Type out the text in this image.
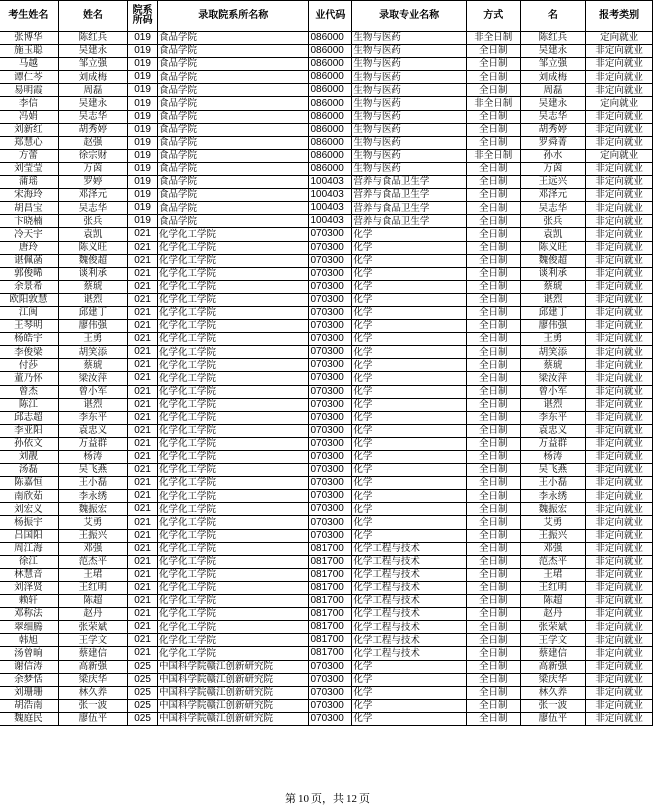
考生姓名	姓名	院系所码	录取院系所名称	业代码	录取专业名称	方式	名	报考类别
张博华	陈红兵	019	食品学院	086000	生物与医药	非全日制	陈红兵	定向就业
施玉聪	吴建永	019	食品学院	086000	生物与医药	全日制	吴建永	非定向就业
马越	邹立强	019	食品学院	086000	生物与医药	全日制	邹立强	非定向就业
谭仁芩	刘成梅	019	食品学院	086000	生物与医药	全日制	刘成梅	非定向就业
易明霞	周磊	019	食品学院	086000	生物与医药	全日制	周磊	非定向就业
李信	吴建永	019	食品学院	086000	生物与医药	非全日制	吴建永	定向就业
冯娟	吴志华	019	食品学院	086000	生物与医药	全日制	吴志华	非定向就业
刘新红	胡秀婷	019	食品学院	086000	生物与医药	全日制	胡秀婷	非定向就业
郑慧心	赵强	019	食品学院	086000	生物与医药	全日制	罗舜菁	非定向就业
方蕾	徐宗财	019	食品学院	086000	生物与医药	非全日制	孙水	定向就业
刘莹莹	万茵	019	食品学院	086000	生物与医药	全日制	万茵	非定向就业
蒲瑶	罗婷	019	食品学院	100403	营养与食品卫生学	全日制	王远兴	非定向就业
宋海玲	邓泽元	019	食品学院	100403	营养与食品卫生学	全日制	邓泽元	非定向就业
胡昌宝	吴志华	019	食品学院	100403	营养与食品卫生学	全日制	吴志华	非定向就业
卞晓楠	张兵	019	食品学院	100403	营养与食品卫生学	全日制	张兵	非定向就业
冷天宇	袁凯	021	化学化工学院	070300	化学	全日制	袁凯	非定向就业
唐玲	陈义旺	021	化学化工学院	070300	化学	全日制	陈义旺	非定向就业
谌佩菡	魏俊超	021	化学化工学院	070300	化学	全日制	魏俊超	非定向就业
郭俊晞	谈利承	021	化学化工学院	070300	化学	全日制	谈利承	非定向就业
余景希	蔡琥	021	化学化工学院	070300	化学	全日制	蔡琥	非定向就业
欧阳敦慧	谌烈	021	化学化工学院	070300	化学	全日制	谌烈	非定向就业
江闽	邱建丁	021	化学化工学院	070300	化学	全日制	邱建丁	非定向就业
王琴明	廖伟强	021	化学化工学院	070300	化学	全日制	廖伟强	非定向就业
杨皓宇	王勇	021	化学化工学院	070300	化学	全日制	王勇	非定向就业
李俊梁	胡笑添	021	化学化工学院	070300	化学	全日制	胡笑添	非定向就业
付莎	蔡琥	021	化学化工学院	070300	化学	全日制	蔡琥	非定向就业
董乃怀	梁汝萍	021	化学化工学院	070300	化学	全日制	梁汝萍	非定向就业
曾杰	曾小军	021	化学化工学院	070300	化学	全日制	曾小军	非定向就业
陈江	谌烈	021	化学化工学院	070300	化学	全日制	谌烈	非定向就业
邱志超	李东平	021	化学化工学院	070300	化学	全日制	李东平	非定向就业
李亚阳	袁忠义	021	化学化工学院	070300	化学	全日制	袁忠义	非定向就业
孙依文	万益群	021	化学化工学院	070300	化学	全日制	万益群	非定向就业
刘靓	杨涛	021	化学化工学院	070300	化学	全日制	杨涛	非定向就业
汤磊	吴飞燕	021	化学化工学院	070300	化学	全日制	吴飞燕	非定向就业
陈嘉恒	王小磊	021	化学化工学院	070300	化学	全日制	王小磊	非定向就业
南欣茹	李永绣	021	化学化工学院	070300	化学	全日制	李永绣	非定向就业
刘宏义	魏振宏	021	化学化工学院	070300	化学	全日制	魏振宏	非定向就业
杨振宇	艾勇	021	化学化工学院	070300	化学	全日制	艾勇	非定向就业
吕国阳	王振兴	021	化学化工学院	070300	化学	全日制	王振兴	非定向就业
周江海	邓强	021	化学化工学院	081700	化学工程与技术	全日制	邓强	非定向就业
徐江	范杰平	021	化学化工学院	081700	化学工程与技术	全日制	范杰平	非定向就业
林慧音	王珺	021	化学化工学院	081700	化学工程与技术	全日制	王珺	非定向就业
刘泽贤	王红明	021	化学化工学院	081700	化学工程与技术	全日制	王红明	非定向就业
赖轩	陈超	021	化学化工学院	081700	化学工程与技术	全日制	陈超	非定向就业
邓称法	赵丹	021	化学化工学院	081700	化学工程与技术	全日制	赵丹	非定向就业
翠细腾	张荣斌	021	化学化工学院	081700	化学工程与技术	全日制	张荣斌	非定向就业
韩旭	王学文	021	化学化工学院	081700	化学工程与技术	全日制	王学文	非定向就业
汤曾晌	蔡建信	021	化学化工学院	081700	化学工程与技术	全日制	蔡建信	非定向就业
谢信涛	高新强	025	中国科学院赣江创新研究院	070300	化学	全日制	高新强	非定向就业
余梦恬	梁庆华	025	中国科学院赣江创新研究院	070300	化学	全日制	梁庆华	非定向就业
刘珊珊	林久养	025	中国科学院赣江创新研究院	070300	化学	全日制	林久养	非定向就业
胡浩南	张一波	025	中国科学院赣江创新研究院	070300	化学	全日制	张一波	非定向就业
魏庭民	廖伍平	025	中国科学院赣江创新研究院	070300	化学	全日制	廖伍平	非定向就业
第 10 页，共 12 页
